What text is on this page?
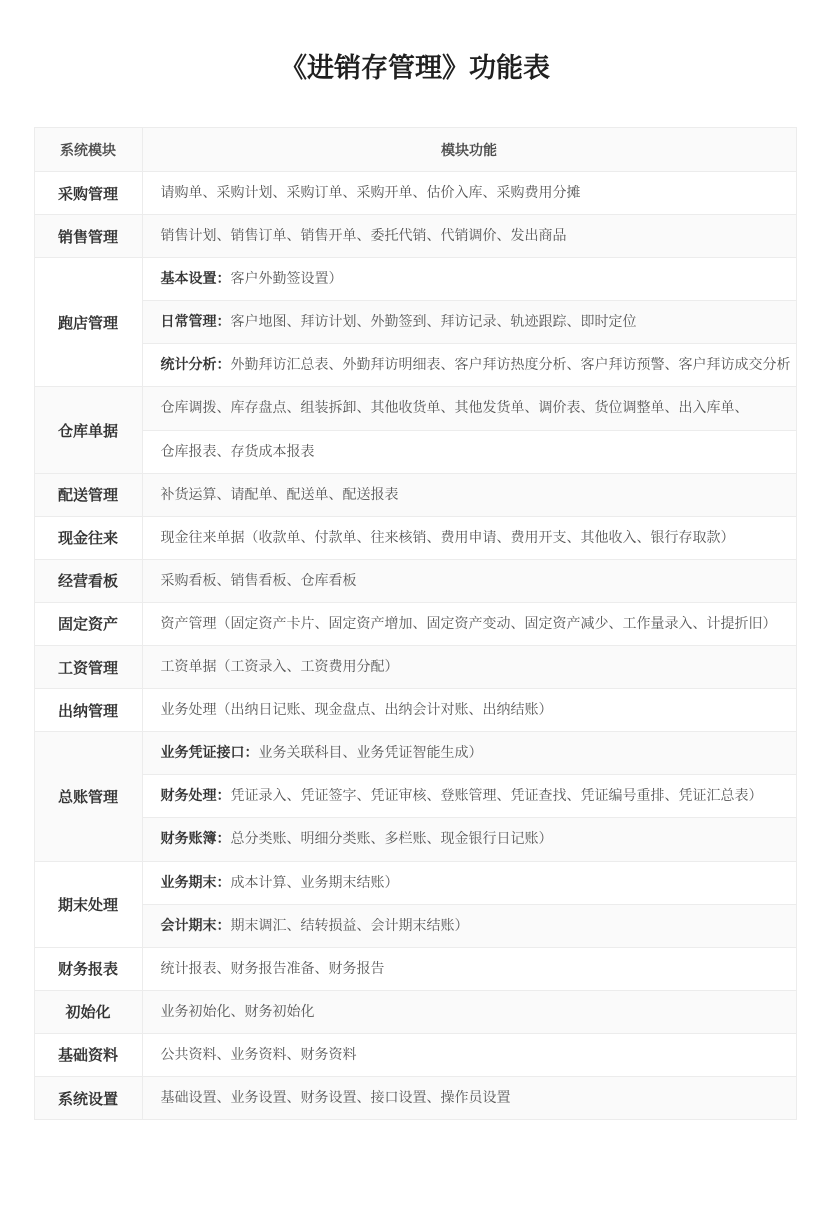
《进销存管理》功能表
系统模块	模块功能
采购管理	请购单、采购计划、采购订单、采购开单、估价入库、采购费用分摊
销售管理	销售计划、销售订单、销售开单、委托代销、代销调价、发出商品
跑店管理	基本设置：客户外勤签设置）
	日常管理：客户地图、拜访计划、外勤签到、拜访记录、轨迹跟踪、即时定位
	统计分析：外勤拜访汇总表、外勤拜访明细表、客户拜访热度分析、客户拜访预警、客户拜访成交分析
仓库单据	仓库调拨、库存盘点、组装拆卸、其他收货单、其他发货单、调价表、货位调整单、出入库单、
	仓库报表、存货成本报表
配送管理	补货运算、请配单、配送单、配送报表
现金往来	现金往来单据（收款单、付款单、往来核销、费用申请、费用开支、其他收入、银行存取款）
经营看板	采购看板、销售看板、仓库看板
固定资产	资产管理（固定资产卡片、固定资产增加、固定资产变动、固定资产减少、工作量录入、计提折旧）
工资管理	工资单据（工资录入、工资费用分配）
出纳管理	业务处理（出纳日记账、现金盘点、出纳会计对账、出纳结账）
总账管理	业务凭证接口：业务关联科目、业务凭证智能生成）
	财务处理：凭证录入、凭证签字、凭证审核、登账管理、凭证查找、凭证编号重排、凭证汇总表）
	财务账簿：总分类账、明细分类账、多栏账、现金银行日记账）
期末处理	业务期末：成本计算、业务期末结账）
	会计期末：期末调汇、结转损益、会计期末结账）
财务报表	统计报表、财务报告准备、财务报告
初始化	业务初始化、财务初始化
基础资料	公共资料、业务资料、财务资料
系统设置	基础设置、业务设置、财务设置、接口设置、操作员设置
